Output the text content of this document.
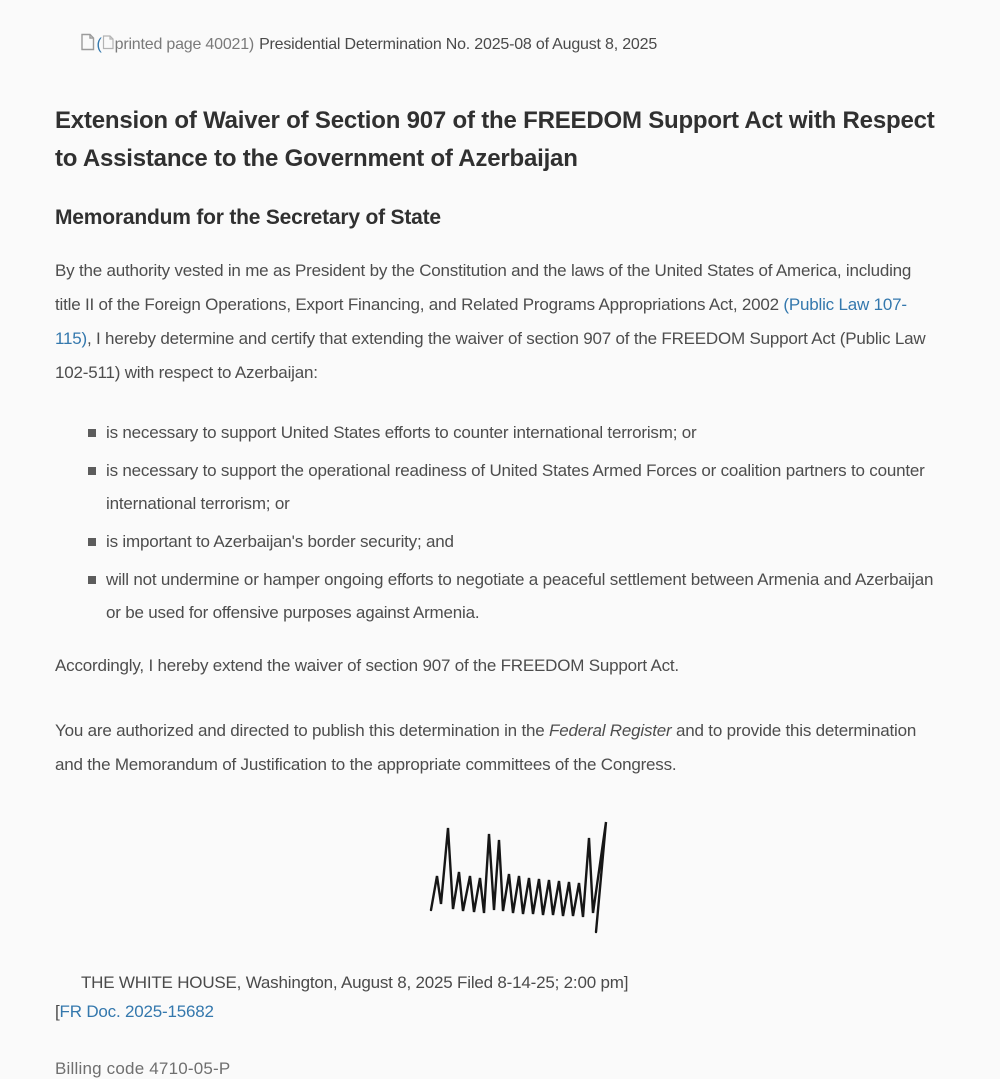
( printed page 40021) Presidential Determination No. 2025-08 of August 8, 2025
Extension of Waiver of Section 907 of the FREEDOM Support Act with Respect to Assistance to the Government of Azerbaijan
Memorandum for the Secretary of State

By the authority vested in me as President by the Constitution and the laws of the United States of America, including title II of the Foreign Operations, Export Financing, and Related Programs Appropriations Act, 2002 (Public Law 107-115), I hereby determine and certify that extending the waiver of section 907 of the FREEDOM Support Act (Public Law 102-511) with respect to Azerbaijan:

is necessary to support United States efforts to counter international terrorism; or
is necessary to support the operational readiness of United States Armed Forces or coalition partners to counter international terrorism; or
is important to Azerbaijan's border security; and
will not undermine or hamper ongoing efforts to negotiate a peaceful settlement between Armenia and Azerbaijan or be used for offensive purposes against Armenia.

Accordingly, I hereby extend the waiver of section 907 of the FREEDOM Support Act.

You are authorized and directed to publish this determination in the Federal Register and to provide this determination and the Memorandum of Justification to the appropriate committees of the Congress.

THE WHITE HOUSE, Washington, August 8, 2025 Filed 8-14-25; 2:00 pm]
[FR Doc. 2025-15682
Billing code 4710-05-P
